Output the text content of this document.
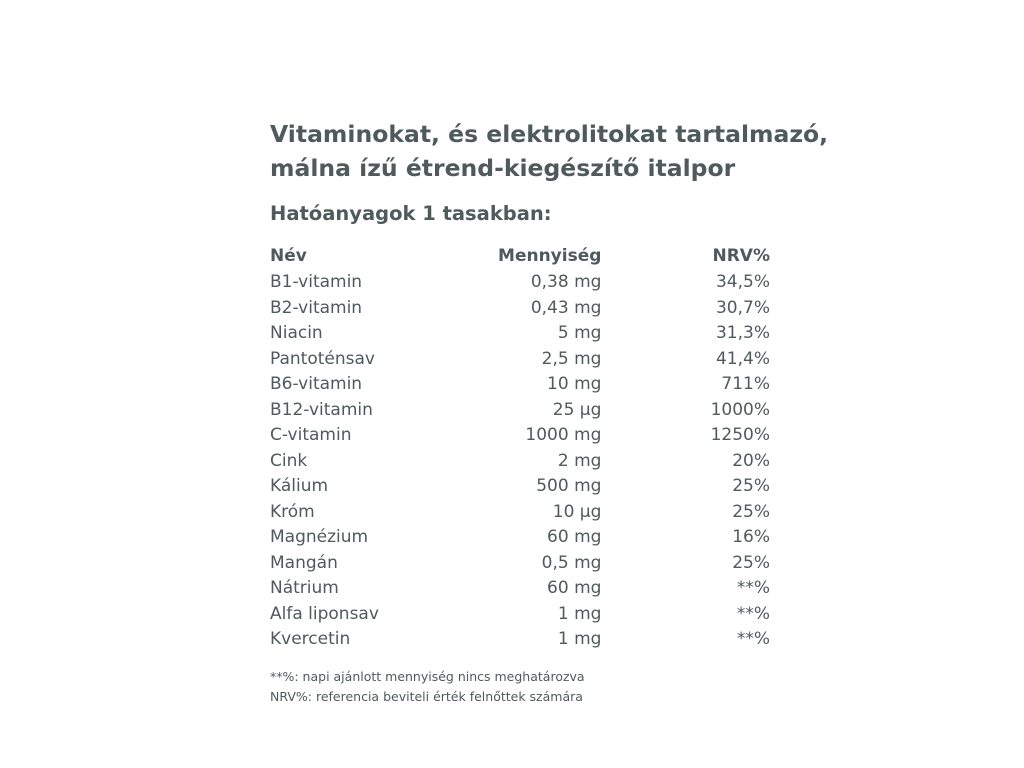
Vitaminokat, és elektrolitokat tartalmazó,
málna ízű étrend-kiegészítő italpor
Hatóanyagok 1 tasakban:
Név	Mennyiség	NRV%
B1-vitamin	0,38 mg	34,5%
B2-vitamin	0,43 mg	30,7%
Niacin	5 mg	31,3%
Pantoténsav	2,5 mg	41,4%
B6-vitamin	10 mg	711%
B12-vitamin	25 µg	1000%
C-vitamin	1000 mg	1250%
Cink	2 mg	20%
Kálium	500 mg	25%
Króm	10 µg	25%
Magnézium	60 mg	16%
Mangán	0,5 mg	25%
Nátrium	60 mg	**%
Alfa liponsav	1 mg	**%
Kvercetin	1 mg	**%
**%: napi ajánlott mennyiség nincs meghatározva
NRV%: referencia beviteli érték felnőttek számára
